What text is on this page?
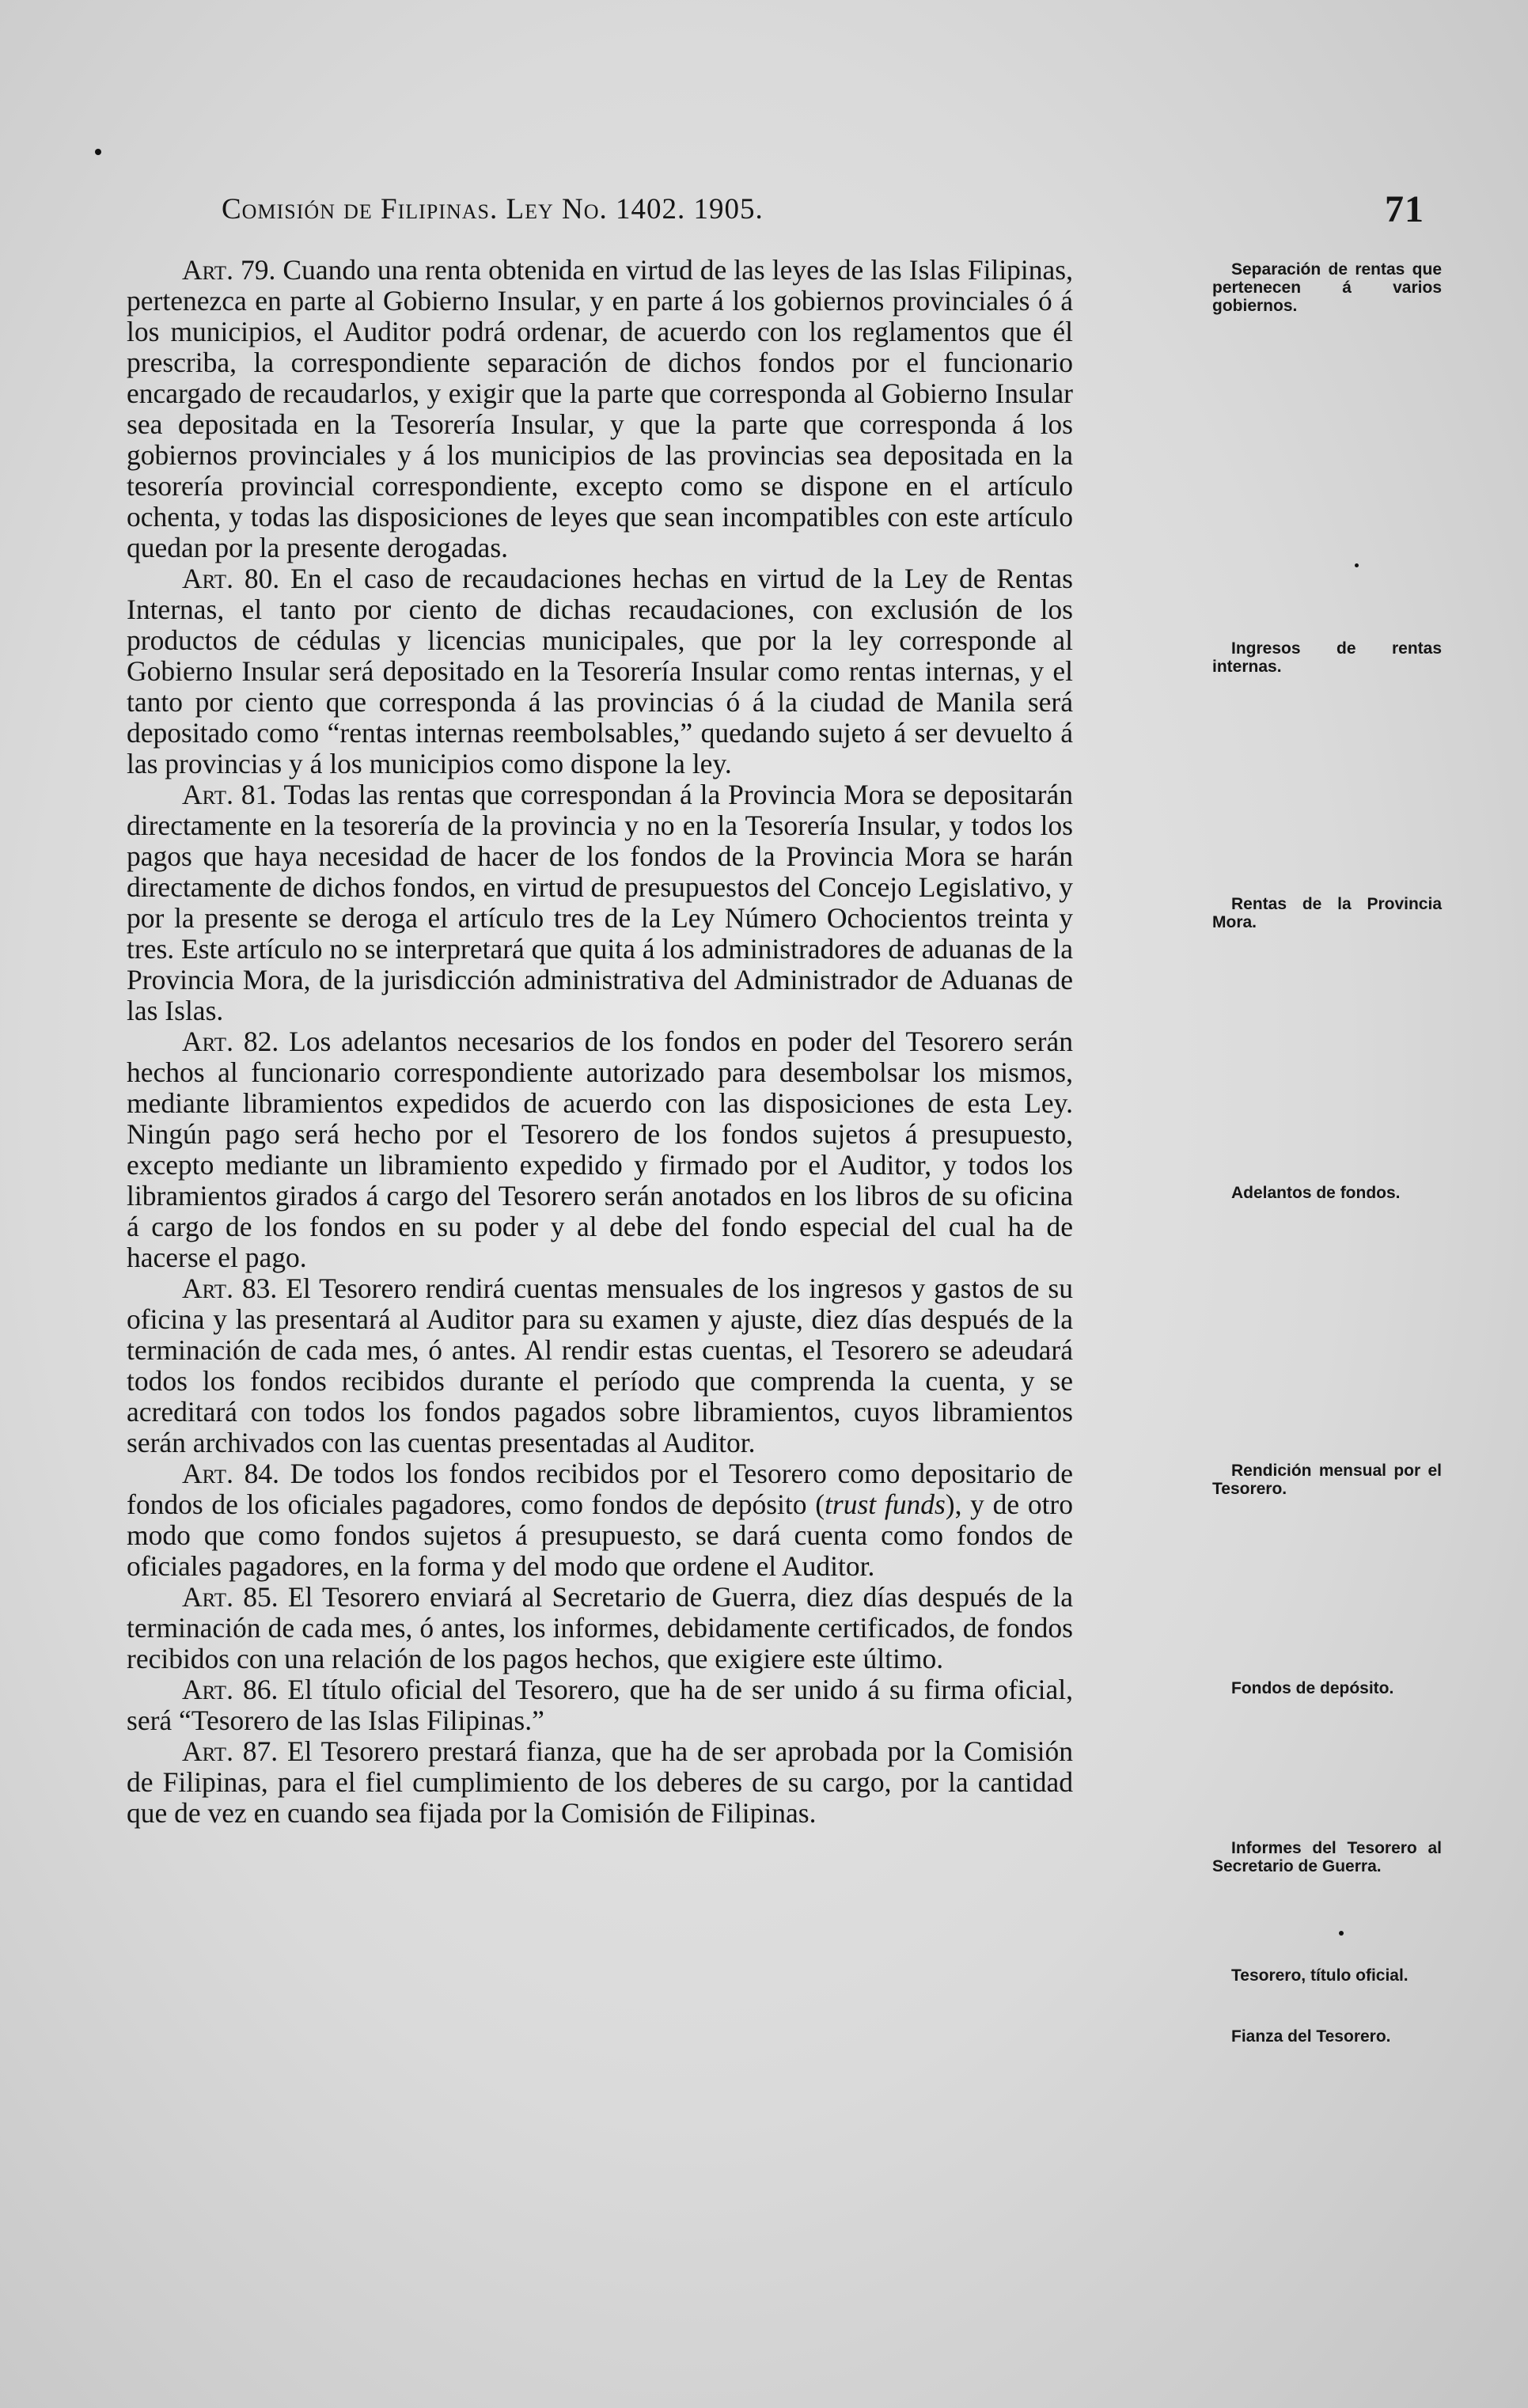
Comisión de Filipinas. Ley No. 1402. 1905.	71

Separación de rentas que pertenecen á varios gobiernos.

Ingresos de rentas internas.

Rentas de la Provincia Mora.

Adelantos de fondos.

Rendición mensual por el Tesorero.

Fondos de depósito.

Informes del Tesorero al Secretario de Guerra.

Tesorero, título oficial.

Fianza del Tesorero.

Art. 79. Cuando una renta obtenida en virtud de las leyes de las Islas Filipinas, pertenezca en parte al Gobierno Insular, y en parte á los gobiernos provinciales ó á los municipios, el Auditor podrá ordenar, de acuerdo con los reglamentos que él prescriba, la correspondiente separación de dichos fondos por el funcionario encargado de recaudarlos, y exigir que la parte que corresponda al Gobierno Insular sea depositada en la Tesorería Insular, y que la parte que corresponda á los gobiernos provinciales y á los municipios de las provincias sea depositada en la tesorería provincial correspondiente, excepto como se dispone en el artículo ochenta, y todas las disposiciones de leyes que sean incompatibles con este artículo quedan por la presente derogadas.

Art. 80. En el caso de recaudaciones hechas en virtud de la Ley de Rentas Internas, el tanto por ciento de dichas recaudaciones, con exclusión de los productos de cédulas y licencias municipales, que por la ley corresponde al Gobierno Insular será depositado en la Tesorería Insular como rentas internas, y el tanto por ciento que corresponda á las provincias ó á la ciudad de Manila será depositado como “rentas internas reembolsables,” quedando sujeto á ser devuelto á las provincias y á los municipios como dispone la ley.

Art. 81. Todas las rentas que correspondan á la Provincia Mora se depositarán directamente en la tesorería de la provincia y no en la Tesorería Insular, y todos los pagos que haya necesidad de hacer de los fondos de la Provincia Mora se harán directamente de dichos fondos, en virtud de presupuestos del Concejo Legislativo, y por la presente se deroga el artículo tres de la Ley Número Ochocientos treinta y tres. Este artículo no se interpretará que quita á los administradores de aduanas de la Provincia Mora, de la jurisdicción administrativa del Administrador de Aduanas de las Islas.

Art. 82. Los adelantos necesarios de los fondos en poder del Tesorero serán hechos al funcionario correspondiente autorizado para desembolsar los mismos, mediante libramientos expedidos de acuerdo con las disposiciones de esta Ley. Ningún pago será hecho por el Tesorero de los fondos sujetos á presupuesto, excepto mediante un libramiento expedido y firmado por el Auditor, y todos los libramientos girados á cargo del Tesorero serán anotados en los libros de su oficina á cargo de los fondos en su poder y al debe del fondo especial del cual ha de hacerse el pago.

Art. 83. El Tesorero rendirá cuentas mensuales de los ingresos y gastos de su oficina y las presentará al Auditor para su examen y ajuste, diez días después de la terminación de cada mes, ó antes. Al rendir estas cuentas, el Tesorero se adeudará todos los fondos recibidos durante el período que comprenda la cuenta, y se acreditará con todos los fondos pagados sobre libramientos, cuyos libramientos serán archivados con las cuentas presentadas al Auditor.

Art. 84. De todos los fondos recibidos por el Tesorero como depositario de fondos de los oficiales pagadores, como fondos de depósito (trust funds), y de otro modo que como fondos sujetos á presupuesto, se dará cuenta como fondos de oficiales pagadores, en la forma y del modo que ordene el Auditor.

Art. 85. El Tesorero enviará al Secretario de Guerra, diez días después de la terminación de cada mes, ó antes, los informes, debidamente certificados, de fondos recibidos con una relación de los pagos hechos, que exigiere este último.

Art. 86. El título oficial del Tesorero, que ha de ser unido á su firma oficial, será “Tesorero de las Islas Filipinas.”

Art. 87. El Tesorero prestará fianza, que ha de ser aprobada por la Comisión de Filipinas, para el fiel cumplimiento de los deberes de su cargo, por la cantidad que de vez en cuando sea fijada por la Comisión de Filipinas.
